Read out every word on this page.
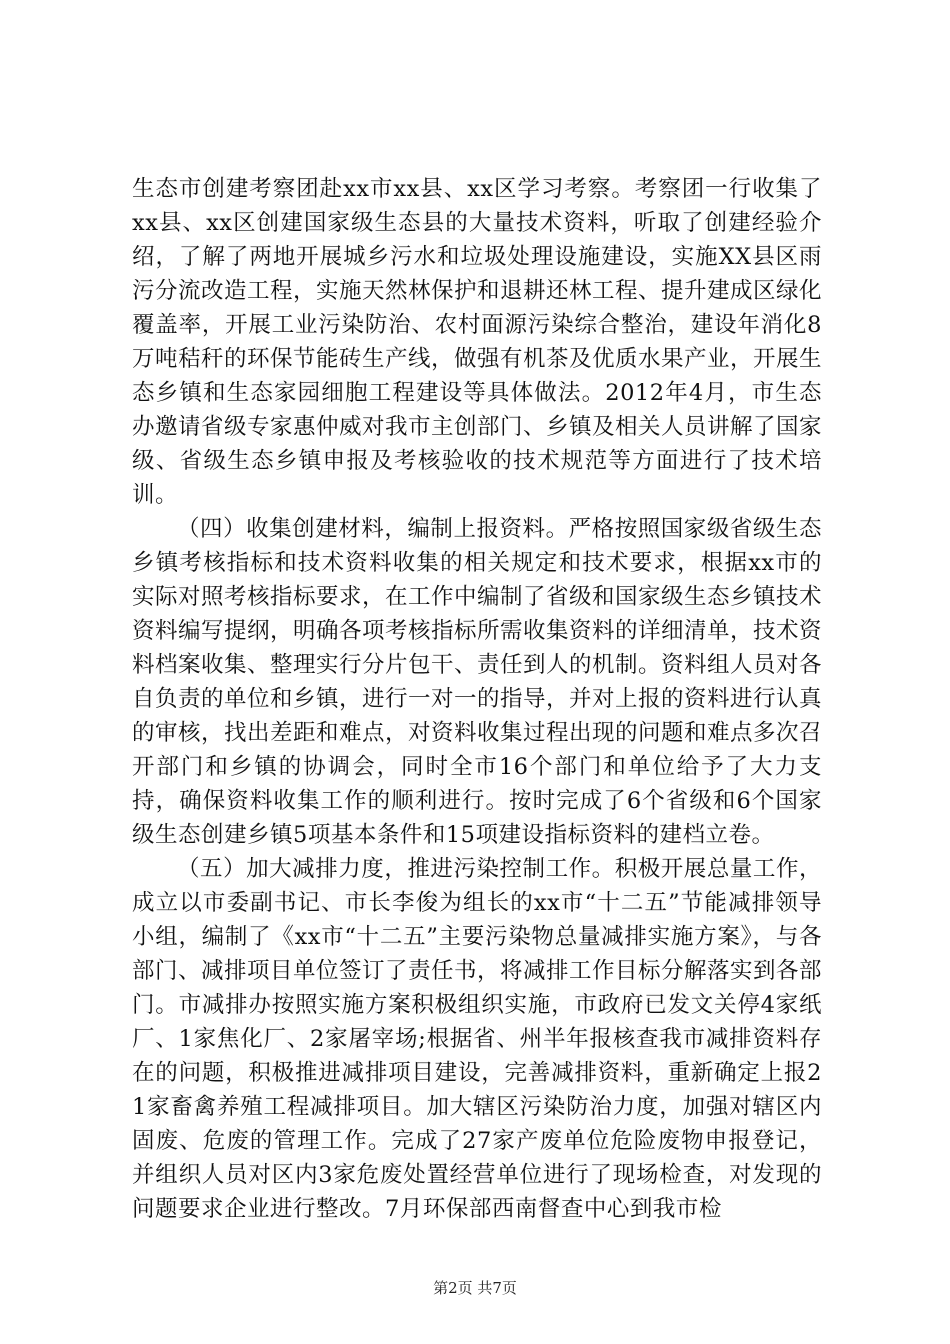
生态市创建考察团赴xx市xx县、xx区学习考察。考察团一行收集了xx县、xx区创建国家级生态县的大量技术资料，听取了创建经验介绍，了解了两地开展城乡污水和垃圾处理设施建设，实施XX县区雨污分流改造工程，实施天然林保护和退耕还林工程、提升建成区绿化覆盖率，开展工业污染防治、农村面源污染综合整治，建设年消化8万吨秸秆的环保节能砖生产线，做强有机茶及优质水果产业，开展生态乡镇和生态家园细胞工程建设等具体做法。2012年4月，市生态办邀请省级专家惠仲威对我市主创部门、乡镇及相关人员讲解了国家级、省级生态乡镇申报及考核验收的技术规范等方面进行了技术培训。

（四）收集创建材料，编制上报资料。严格按照国家级省级生态乡镇考核指标和技术资料收集的相关规定和技术要求，根据xx市的实际对照考核指标要求，在工作中编制了省级和国家级生态乡镇技术资料编写提纲，明确各项考核指标所需收集资料的详细清单，技术资料档案收集、整理实行分片包干、责任到人的机制。资料组人员对各自负责的单位和乡镇，进行一对一的指导，并对上报的资料进行认真的审核，找出差距和难点，对资料收集过程出现的问题和难点多次召开部门和乡镇的协调会，同时全市16个部门和单位给予了大力支持，确保资料收集工作的顺利进行。按时完成了6个省级和6个国家级生态创建乡镇5项基本条件和15项建设指标资料的建档立卷。

（五）加大减排力度，推进污染控制工作。积极开展总量工作，成立以市委副书记、市长李俊为组长的xx市“十二五”节能减排领导小组，编制了《xx市“十二五”主要污染物总量减排实施方案》，与各部门、减排项目单位签订了责任书，将减排工作目标分解落实到各部门。市减排办按照实施方案积极组织实施，市政府已发文关停4家纸厂、1家焦化厂、2家屠宰场;根据省、州半年报核查我市减排资料存在的问题，积极推进减排项目建设，完善减排资料，重新确定上报21家畜禽养殖工程减排项目。加大辖区污染防治力度，加强对辖区内固废、危废的管理工作。完成了27家产废单位危险废物申报登记，并组织人员对区内3家危废处置经营单位进行了现场检查，对发现的问题要求企业进行整改。7月环保部西南督查中心到我市检

第2页 共7页
